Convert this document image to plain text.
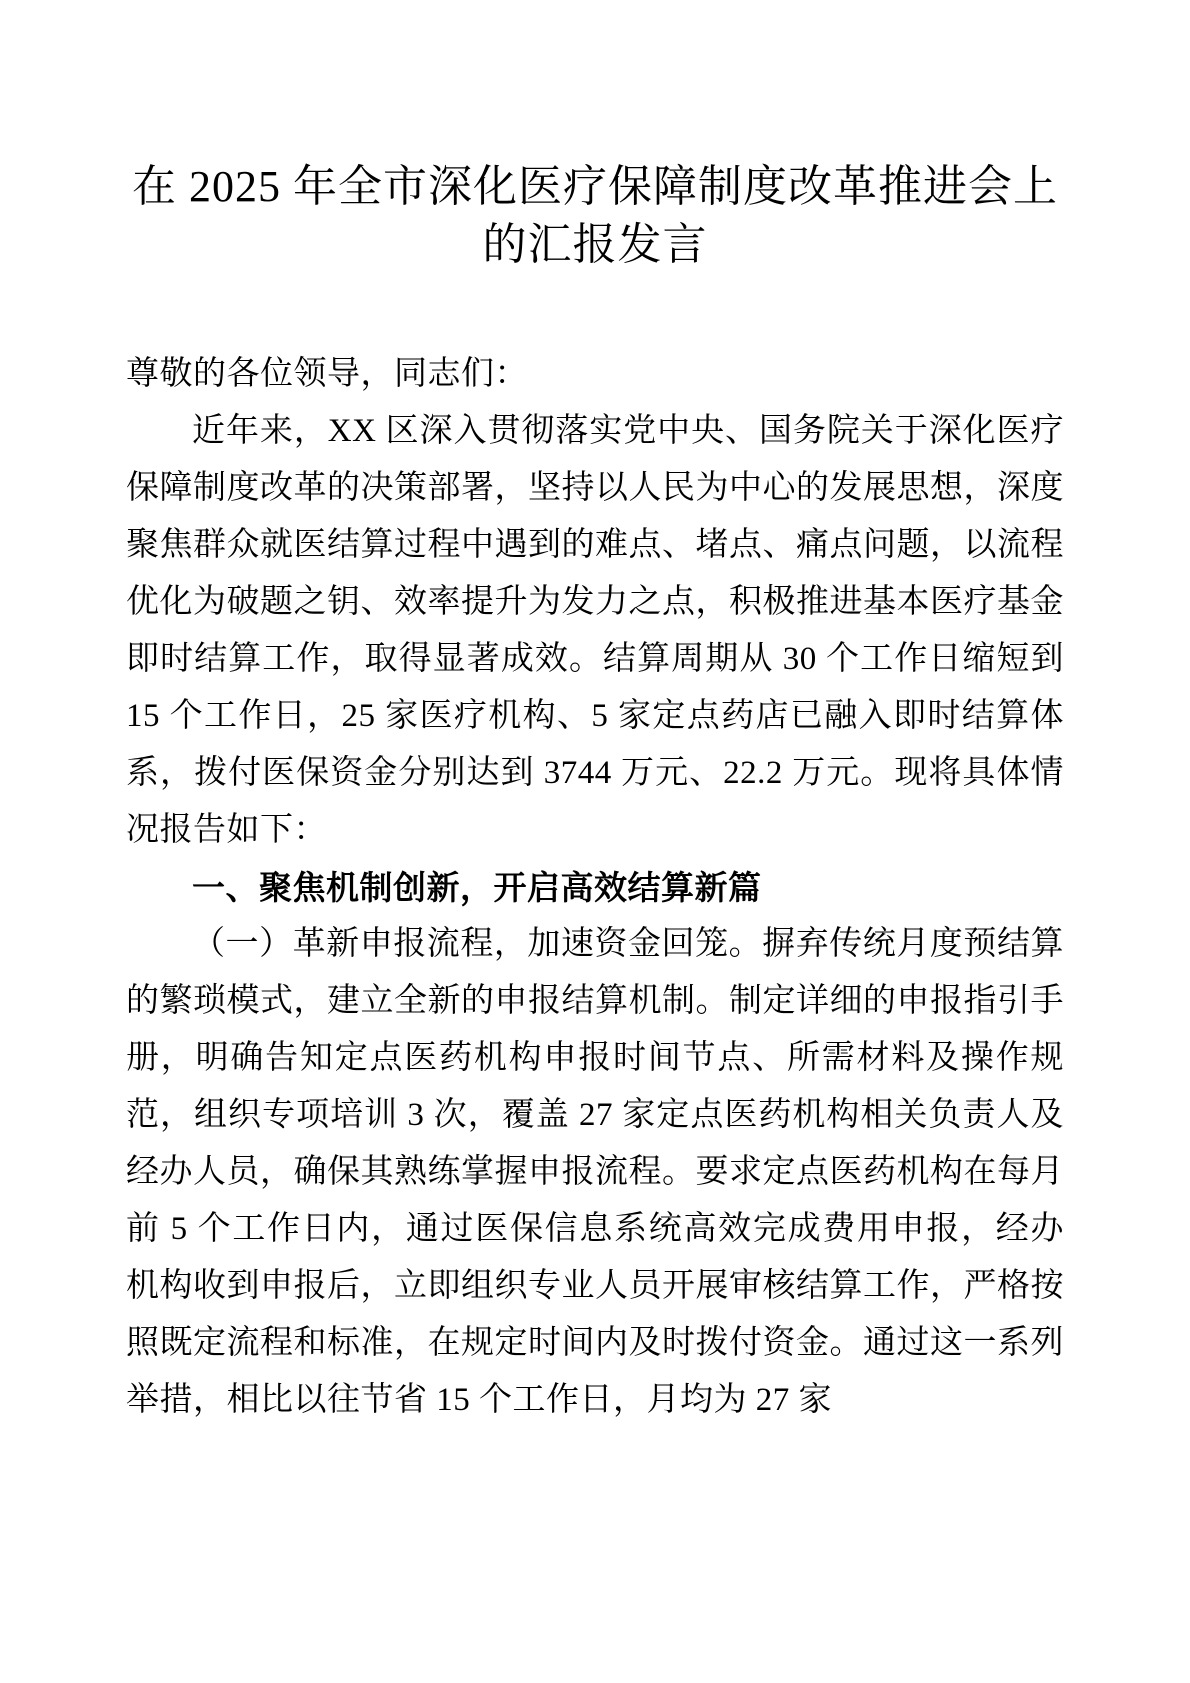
在 2025 年全市深化医疗保障制度改革推进会上的汇报发言

尊敬的各位领导，同志们：

近年来，XX 区深入贯彻落实党中央、国务院关于深化医疗保障制度改革的决策部署，坚持以人民为中心的发展思想，深度聚焦群众就医结算过程中遇到的难点、堵点、痛点问题，以流程优化为破题之钥、效率提升为发力之点，积极推进基本医疗基金即时结算工作，取得显著成效。结算周期从 30 个工作日缩短到 15 个工作日，25 家医疗机构、5 家定点药店已融入即时结算体系，拨付医保资金分别达到 3744 万元、22.2 万元。现将具体情况报告如下：

一、聚焦机制创新，开启高效结算新篇

（一）革新申报流程，加速资金回笼。摒弃传统月度预结算的繁琐模式，建立全新的申报结算机制。制定详细的申报指引手册，明确告知定点医药机构申报时间节点、所需材料及操作规范，组织专项培训 3 次，覆盖 27 家定点医药机构相关负责人及经办人员，确保其熟练掌握申报流程。要求定点医药机构在每月前 5 个工作日内，通过医保信息系统高效完成费用申报，经办机构收到申报后，立即组织专业人员开展审核结算工作，严格按照既定流程和标准，在规定时间内及时拨付资金。通过这一系列举措，相比以往节省 15 个工作日，月均为 27 家
